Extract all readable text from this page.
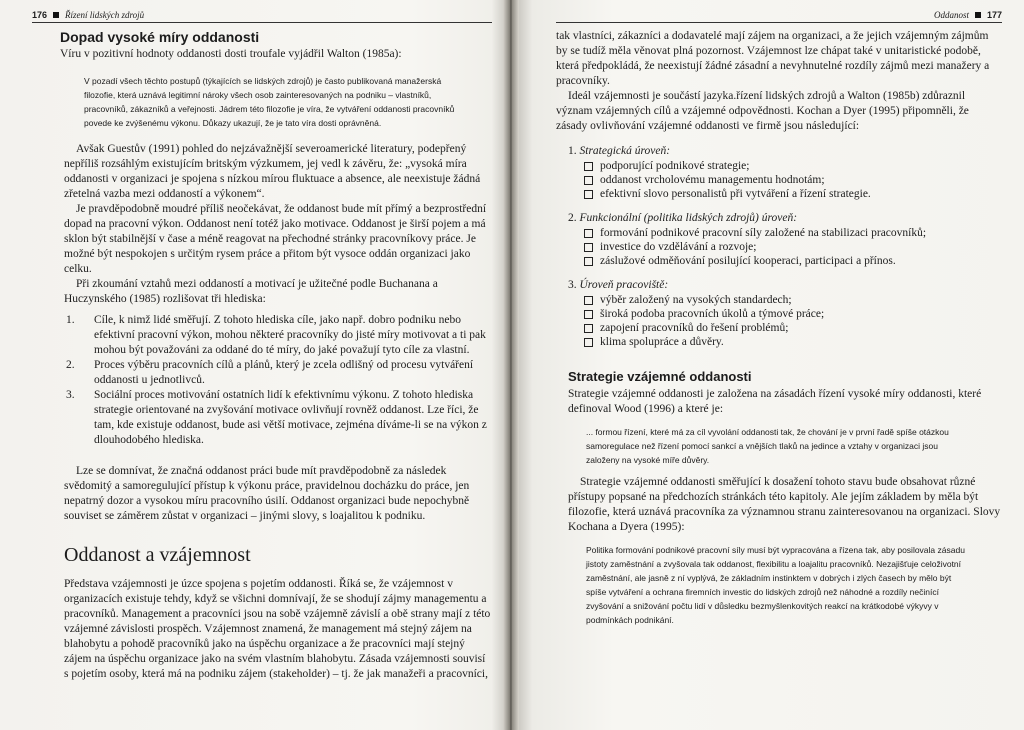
176 Řízení lidských zdrojů
Dopad vysoké míry oddanosti

Víru v pozitivní hodnoty oddanosti dosti troufale vyjádřil Walton (1985a):

V pozadí všech těchto postupů (týkajících se lidských zdrojů) je často publikovaná manažerská filozofie, která uznává legitimní nároky všech osob zainteresovaných na podniku – vlastníků, pracovníků, zákazníků a veřejnosti. Jádrem této filozofie je víra, že vytváření oddanosti pracovníků povede ke zvýšenému výkonu. Důkazy ukazují, že je tato víra dosti oprávněná.

Avšak Guestův (1991) pohled do nejzávažnější severoamerické literatury, podepřený nepříliš rozsáhlým existujícím britským výzkumem, jej vedl k závěru, že: „vysoká míra oddanosti v organizaci je spojena s nízkou mírou fluktuace a absence, ale neexistuje žádná zřetelná vazba mezi oddaností a výkonem“.

Je pravděpodobně moudré příliš neočekávat, že oddanost bude mít přímý a bezprostřední dopad na pracovní výkon. Oddanost není totéž jako motivace. Oddanost je širší pojem a má sklon být stabilnější v čase a méně reagovat na přechodné stránky pracovníkovy práce. Je možné být nespokojen s určitým rysem práce a přitom být vysoce oddán organizaci jako celku.

Při zkoumání vztahů mezi oddaností a motivací je užitečné podle Buchanana a Huczynského (1985) rozlišovat tři hlediska:

1. Cíle, k nimž lidé směřují. Z tohoto hlediska cíle, jako např. dobro podniku nebo efektivní pracovní výkon, mohou některé pracovníky do jisté míry motivovat a ti pak mohou být považováni za oddané do té míry, do jaké považují tyto cíle za vlastní.
2. Proces výběru pracovních cílů a plánů, který je zcela odlišný od procesu vytváření oddanosti u jednotlivců.
3. Sociální proces motivování ostatních lidí k efektivnímu výkonu. Z tohoto hlediska strategie orientované na zvyšování motivace ovlivňují rovněž oddanost. Lze říci, že tam, kde existuje oddanost, bude asi větší motivace, zejména díváme-li se na výkon z dlouhodobého hlediska.

Lze se domnívat, že značná oddanost práci bude mít pravděpodobně za následek svědomitý a samoregulující přístup k výkonu práce, pravidelnou docházku do práce, jen nepatrný dozor a vysokou míru pracovního úsilí. Oddanost organizaci bude nepochybně souviset se záměrem zůstat v organizaci – jinými slovy, s loajalitou k podniku.

Oddanost a vzájemnost

Představa vzájemnosti je úzce spojena s pojetím oddanosti. Říká se, že vzájemnost v organizacích existuje tehdy, když se všichni domnívají, že se shodují zájmy managementu a pracovníků. Management a pracovníci jsou na sobě vzájemně závislí a obě strany mají z této vzájemné závislosti prospěch. Vzájemnost znamená, že management má stejný zájem na blahobytu a pohodě pracovníků jako na úspěchu organizace a že pracovníci mají stejný zájem na úspěchu organizace jako na svém vlastním blahobytu. Zásada vzájemnosti souvisí s pojetím osoby, která má na podniku zájem (stakeholder) – tj. že jak manažeři a pracovníci,

Oddanost 177

tak vlastníci, zákazníci a dodavatelé mají zájem na organizaci, a že jejich vzájemným zájmům by se tudíž měla věnovat plná pozornost. Vzájemnost lze chápat také v unitaristické podobě, která předpokládá, že neexistují žádné zásadní a nevyhnutelné rozdíly zájmů mezi manažery a pracovníky.

Ideál vzájemnosti je součástí jazyka.řízení lidských zdrojů a Walton (1985b) zdůraznil význam vzájemných cílů a vzájemné odpovědnosti. Kochan a Dyer (1995) připomněli, že zásady ovlivňování vzájemné oddanosti ve firmě jsou následující:

1. Strategická úroveň:
podporující podnikové strategie;
oddanost vrcholovému managementu hodnotám;
efektivní slovo personalistů při vytváření a řízení strategie.
2. Funkcionální (politika lidských zdrojů) úroveň:
formování podnikové pracovní síly založené na stabilizaci pracovníků;
investice do vzdělávání a rozvoje;
záslužové odměňování posilující kooperaci, participaci a přínos.
3. Úroveň pracoviště:
výběr založený na vysokých standardech;
široká podoba pracovních úkolů a týmové práce;
zapojení pracovníků do řešení problémů;
klima spolupráce a důvěry.
Strategie vzájemné oddanosti

Strategie vzájemné oddanosti je založena na zásadách řízení vysoké míry oddanosti, které definoval Wood (1996) a které je:

... formou řízení, které má za cíl vyvolání oddanosti tak, že chování je v první řadě spíše otázkou samoregulace než řízení pomocí sankcí a vnějších tlaků na jedince a vztahy v organizaci jsou založeny na vysoké míře důvěry.

Strategie vzájemné oddanosti směřující k dosažení tohoto stavu bude obsahovat různé přístupy popsané na předchozích stránkách této kapitoly. Ale jejím základem by měla být filozofie, která uznává pracovníka za významnou stranu zainteresovanou na organizaci. Slovy Kochana a Dyera (1995):

Politika formování podnikové pracovní síly musí být vypracována a řízena tak, aby posilovala zásadu jistoty zaměstnání a zvyšovala tak oddanost, flexibilitu a loajalitu pracovníků. Nezajišťuje celoživotní zaměstnání, ale jasně z ní vyplývá, že základním instinktem v dobrých i zlých časech by mělo být spíše vytváření a ochrana firemních investic do lidských zdrojů než náhodné a rozdíly nečinící zvyšování a snižování počtu lidí v důsledku bezmyšlenkovitých reakcí na krátkodobé výkyvy v podmínkách podnikání.
